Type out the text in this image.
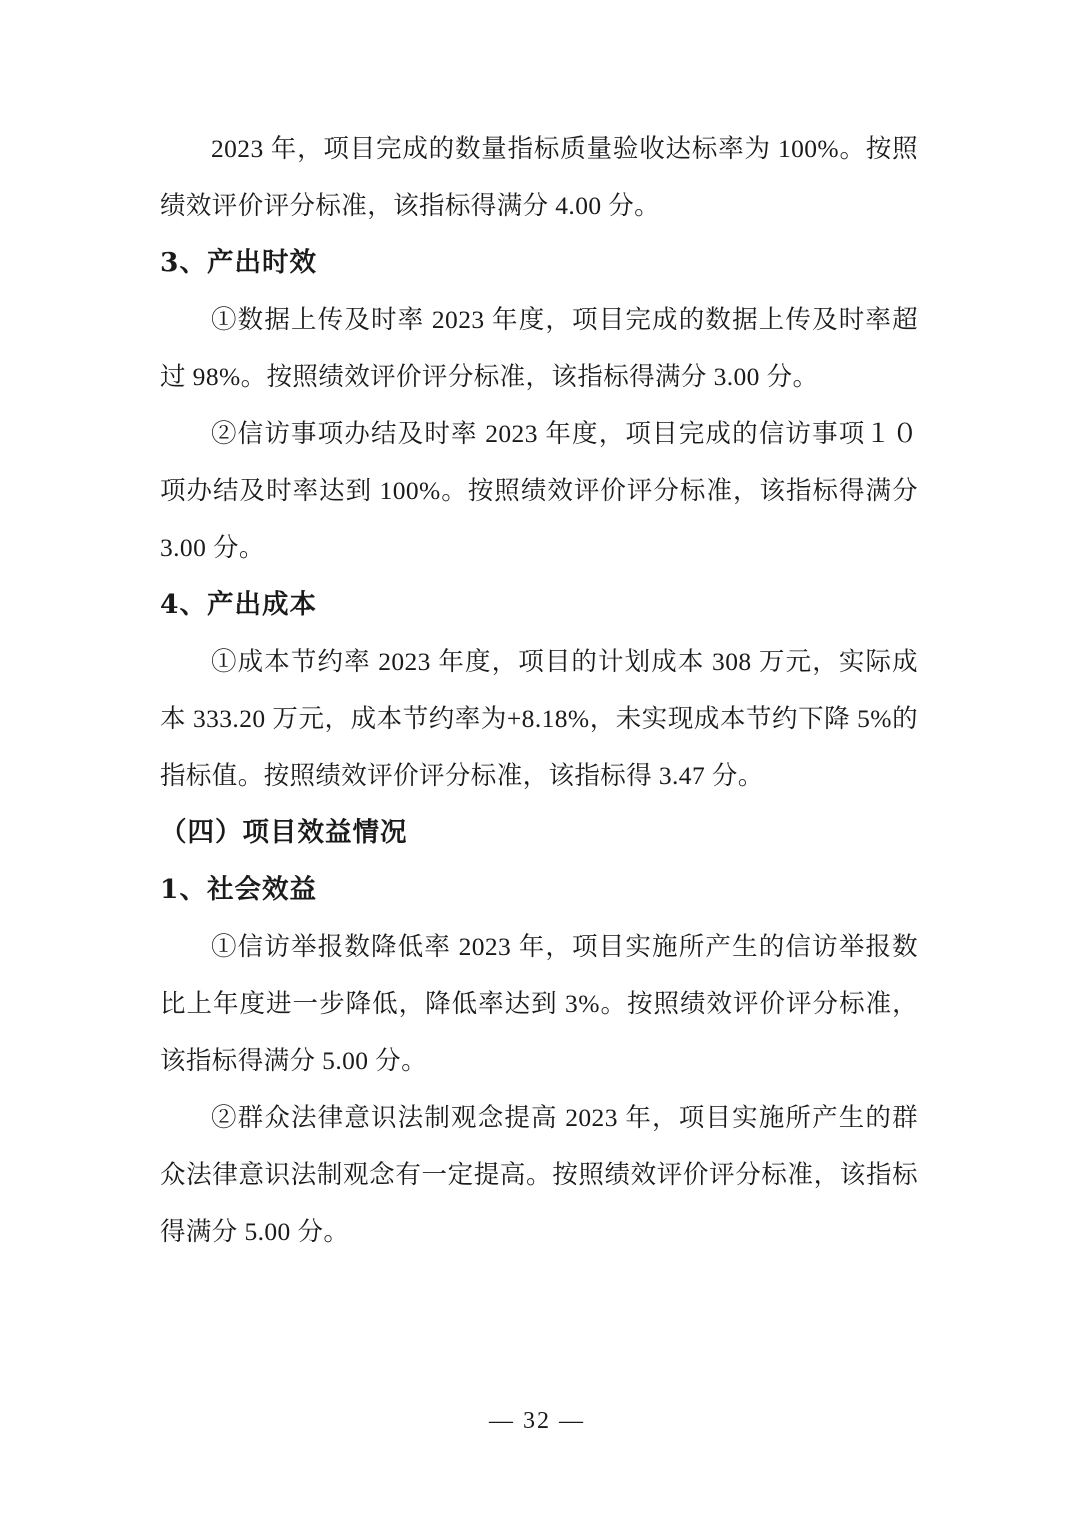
2023 年，项目完成的数量指标质量验收达标率为 100%。按照绩效评价评分标准，该指标得满分 4.00 分。

3、产出时效

①数据上传及时率 2023 年度，项目完成的数据上传及时率超过 98%。按照绩效评价评分标准，该指标得满分 3.00 分。

②信访事项办结及时率 2023 年度，项目完成的信访事项１０项办结及时率达到 100%。按照绩效评价评分标准，该指标得满分 3.00 分。

4、产出成本

①成本节约率 2023 年度，项目的计划成本 308 万元，实际成本 333.20 万元，成本节约率为+8.18%，未实现成本节约下降 5%的指标值。按照绩效评价评分标准，该指标得 3.47 分。

（四）项目效益情况
1、社会效益

①信访举报数降低率 2023 年，项目实施所产生的信访举报数比上年度进一步降低，降低率达到 3%。按照绩效评价评分标准，该指标得满分 5.00 分。

②群众法律意识法制观念提高 2023 年，项目实施所产生的群众法律意识法制观念有一定提高。按照绩效评价评分标准，该指标得满分 5.00 分。

— 32 —
